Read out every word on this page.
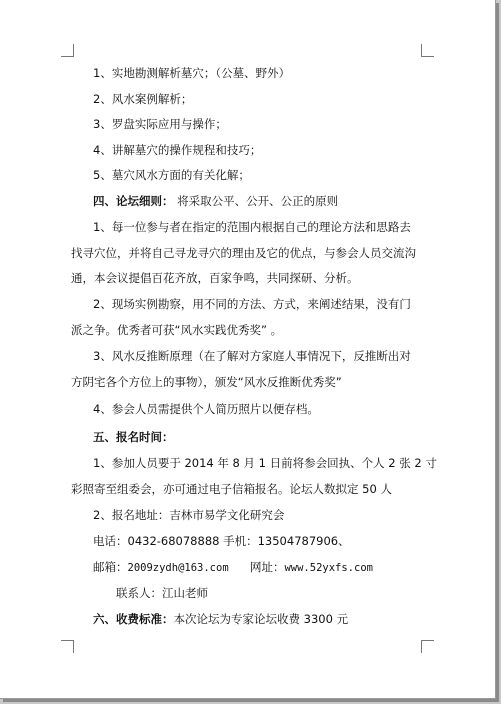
1、实地勘测解析墓穴；（公墓、野外）
2、风水案例解析；
3、罗盘实际应用与操作；
4、讲解墓穴的操作规程和技巧；
5、墓穴风水方面的有关化解；
四、论坛细则： 将采取公平、公开、公正的原则
1、每一位参与者在指定的范围内根据自己的理论方法和思路去
找寻穴位，并将自己寻龙寻穴的理由及它的优点，与参会人员交流沟
通，本会议提倡百花齐放，百家争鸣，共同探研、分析。
2、现场实例勘察，用不同的方法、方式，来阐述结果，没有门
派之争。优秀者可获“风水实践优秀奖” 。
3、风水反推断原理（在了解对方家庭人事情况下，反推断出对
方阴宅各个方位上的事物），颁发“风水反推断优秀奖”
4、参会人员需提供个人简历照片以便存档。
五、报名时间：
1、参加人员要于 2014 年 8 月 1 日前将参会回执、个人 2 张 2 寸
彩照寄至组委会，亦可通过电子信箱报名。论坛人数拟定 50 人
2、报名地址：吉林市易学文化研究会
电话：0432-68078888 手机：13504787906、
邮箱：2009zydh@163.com 网址：www.52yxfs.com
联系人：江山老师
六、收费标准：本次论坛为专家论坛收费 3300 元
